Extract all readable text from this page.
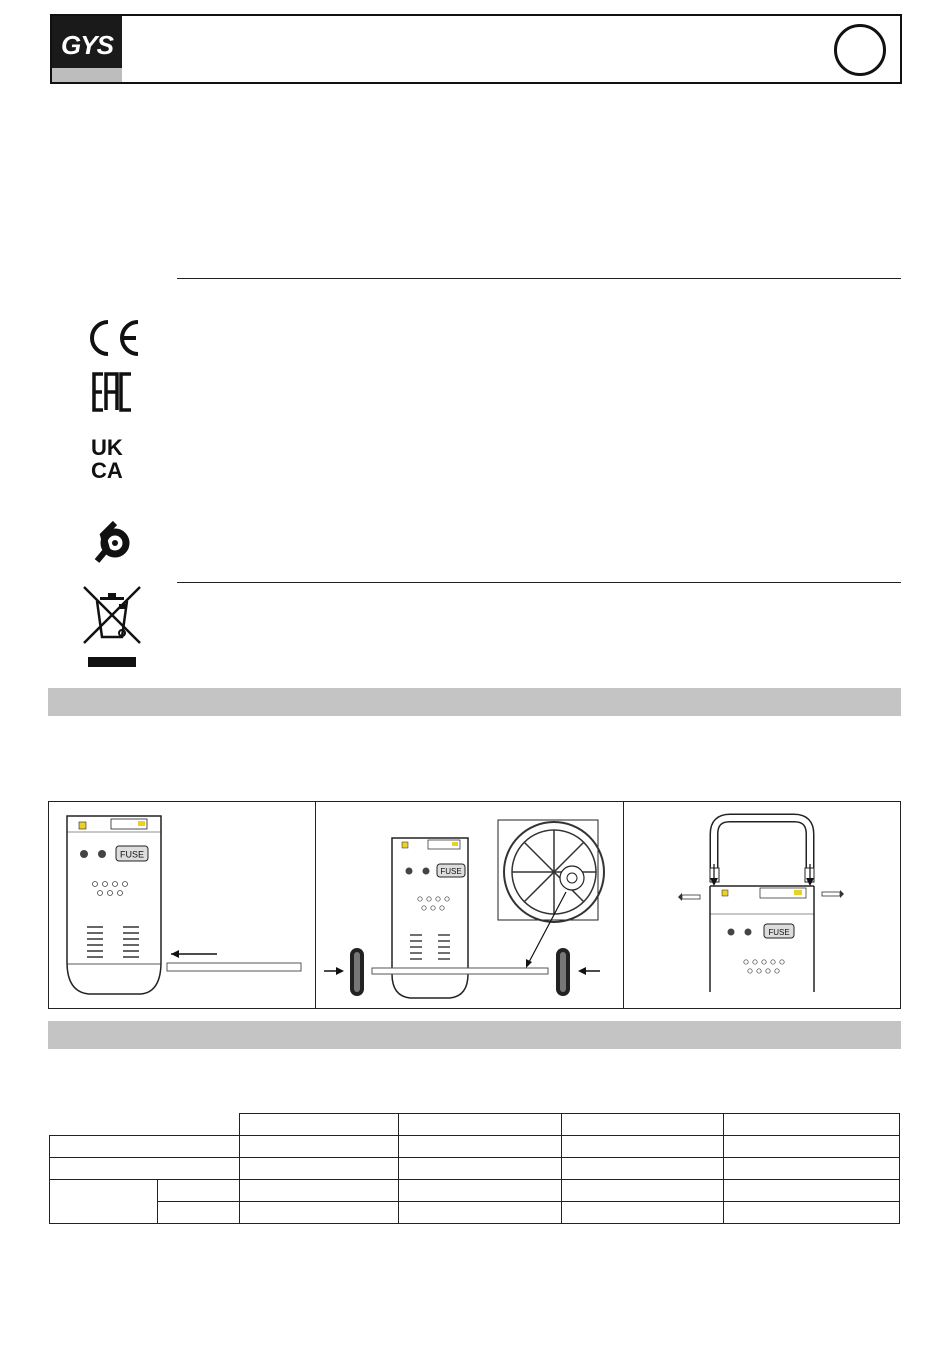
GYS
UK
CA
FUSE
FUSE
FUSE
